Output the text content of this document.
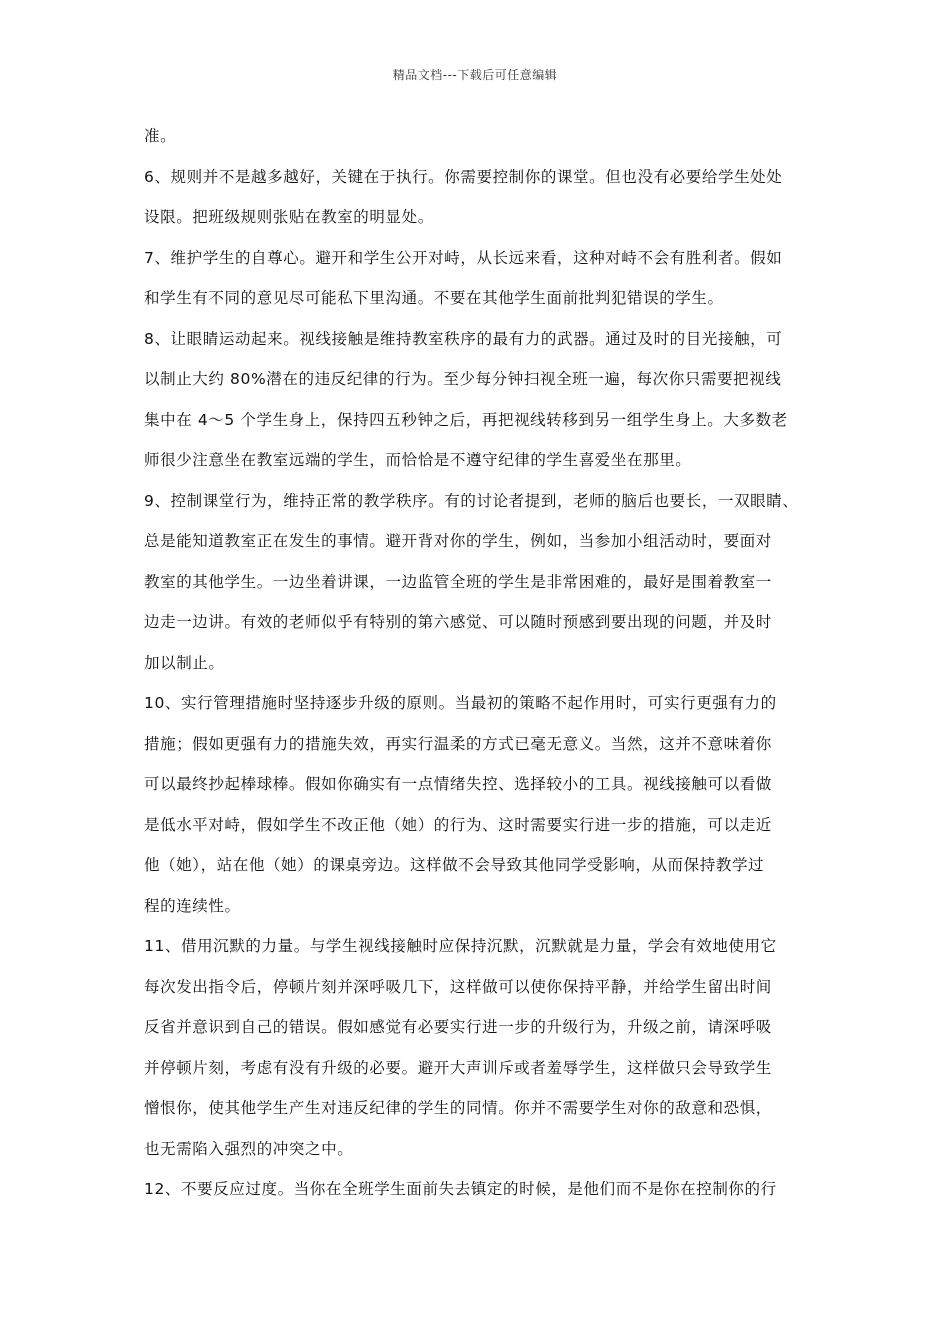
精品文档---下载后可任意编辑
准。
6、规则并不是越多越好，关键在于执行。你需要控制你的课堂。但也没有必要给学生处处
设限。把班级规则张贴在教室的明显处。
7、维护学生的自尊心。避开和学生公开对峙，从长远来看，这种对峙不会有胜利者。假如
和学生有不同的意见尽可能私下里沟通。不要在其他学生面前批判犯错误的学生。
8、让眼睛运动起来。视线接触是维持教室秩序的最有力的武器。通过及时的目光接触，可
以制止大约 80%潜在的违反纪律的行为。至少每分钟扫视全班一遍，每次你只需要把视线
集中在 4～5 个学生身上，保持四五秒钟之后，再把视线转移到另一组学生身上。大多数老
师很少注意坐在教室远端的学生，而恰恰是不遵守纪律的学生喜爱坐在那里。
9、控制课堂行为，维持正常的教学秩序。有的讨论者提到，老师的脑后也要长，一双眼睛、
总是能知道教室正在发生的事情。避开背对你的学生，例如，当参加小组活动时，要面对
教室的其他学生。一边坐着讲课，一边监管全班的学生是非常困难的，最好是围着教室一
边走一边讲。有效的老师似乎有特别的第六感觉、可以随时预感到要出现的问题，并及时
加以制止。
10、实行管理措施时坚持逐步升级的原则。当最初的策略不起作用时，可实行更强有力的
措施；假如更强有力的措施失效，再实行温柔的方式已毫无意义。当然，这并不意味着你
可以最终抄起棒球棒。假如你确实有一点情绪失控、选择较小的工具。视线接触可以看做
是低水平对峙，假如学生不改正他（她）的行为、这时需要实行进一步的措施，可以走近
他（她），站在他（她）的课桌旁边。这样做不会导致其他同学受影响，从而保持教学过
程的连续性。
11、借用沉默的力量。与学生视线接触时应保持沉默，沉默就是力量，学会有效地使用它
每次发出指令后，停顿片刻并深呼吸几下，这样做可以使你保持平静，并给学生留出时间
反省并意识到自己的错误。假如感觉有必要实行进一步的升级行为，升级之前，请深呼吸
并停顿片刻，考虑有没有升级的必要。避开大声训斥或者羞辱学生，这样做只会导致学生
憎恨你，使其他学生产生对违反纪律的学生的同情。你并不需要学生对你的敌意和恐惧，
也无需陷入强烈的冲突之中。
12、不要反应过度。当你在全班学生面前失去镇定的时候，是他们而不是你在控制你的行
